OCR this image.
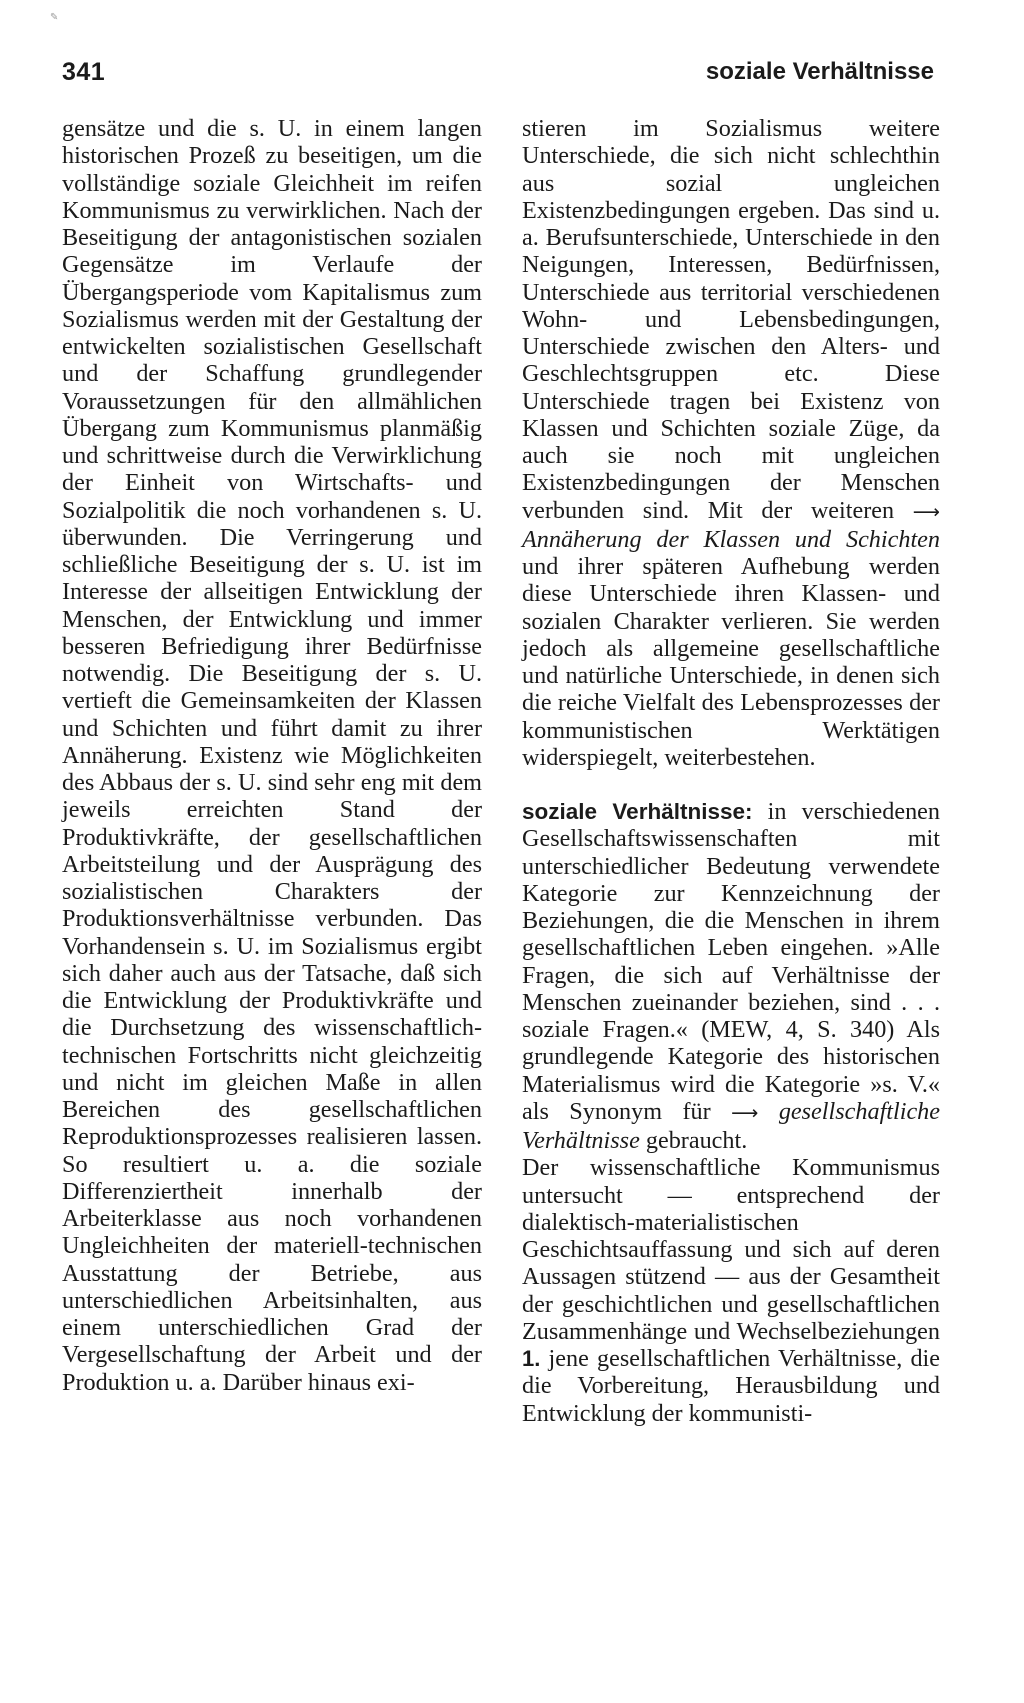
✎
341	soziale Verhältnisse

gensätze und die s. U. in einem langen historischen Prozeß zu beseitigen, um die vollständige soziale Gleichheit im reifen Kommunismus zu verwirklichen. Nach der Beseitigung der antagonistischen sozialen Gegensätze im Verlaufe der Übergangsperiode vom Kapitalismus zum Sozialismus werden mit der Gestaltung der entwickelten sozialistischen Gesellschaft und der Schaffung grundlegender Voraussetzungen für den allmählichen Übergang zum Kommunismus planmäßig und schrittweise durch die Verwirklichung der Einheit von Wirtschafts- und Sozialpolitik die noch vorhandenen s. U. überwunden. Die Verringerung und schließliche Beseitigung der s. U. ist im Interesse der allseitigen Entwicklung der Menschen, der Entwicklung und immer besseren Befriedigung ihrer Bedürfnisse notwendig. Die Beseitigung der s. U. vertieft die Gemeinsamkeiten der Klassen und Schichten und führt damit zu ihrer Annäherung. Existenz wie Möglichkeiten des Abbaus der s. U. sind sehr eng mit dem jeweils erreichten Stand der Produktivkräfte, der gesellschaftlichen Arbeitsteilung und der Ausprägung des sozialistischen Charakters der Produktionsverhältnisse verbunden. Das Vorhandensein s. U. im Sozialismus ergibt sich daher auch aus der Tatsache, daß sich die Entwicklung der Produktivkräfte und die Durchsetzung des wissenschaftlich-technischen Fortschritts nicht gleichzeitig und nicht im gleichen Maße in allen Bereichen des gesellschaftlichen Reproduktionsprozesses realisieren lassen. So resultiert u. a. die soziale Differenziertheit innerhalb der Arbeiterklasse aus noch vorhandenen Ungleichheiten der materiell-technischen Ausstattung der Betriebe, aus unterschiedlichen Arbeitsinhalten, aus einem unterschiedlichen Grad der Vergesellschaftung der Arbeit und der Produktion u. a. Darüber hinaus exi-

stieren im Sozialismus weitere Unterschiede, die sich nicht schlechthin aus sozial ungleichen Existenzbedingungen ergeben. Das sind u. a. Berufsunterschiede, Unterschiede in den Neigungen, Interessen, Bedürfnissen, Unterschiede aus territorial verschiedenen Wohn- und Lebensbedingungen, Unterschiede zwischen den Alters- und Geschlechtsgruppen etc. Diese Unterschiede tragen bei Existenz von Klassen und Schichten soziale Züge, da auch sie noch mit ungleichen Existenzbedingungen der Menschen verbunden sind. Mit der weiteren ⟶ Annäherung der Klassen und Schichten und ihrer späteren Aufhebung werden diese Unterschiede ihren Klassen- und sozialen Charakter verlieren. Sie werden jedoch als allgemeine gesellschaftliche und natürliche Unterschiede, in denen sich die reiche Vielfalt des Lebensprozesses der kommunistischen Werktätigen widerspiegelt, weiterbestehen.

soziale Verhältnisse: in verschiedenen Gesellschaftswissenschaften mit unterschiedlicher Bedeutung verwendete Kategorie zur Kennzeichnung der Beziehungen, die die Menschen in ihrem gesellschaftlichen Leben eingehen. »Alle Fragen, die sich auf Verhältnisse der Menschen zueinander beziehen, sind . . . soziale Fragen.« (MEW, 4, S. 340) Als grundlegende Kategorie des historischen Materialismus wird die Kategorie »s. V.« als Synonym für ⟶ gesellschaftliche Verhältnisse gebraucht.

Der wissenschaftliche Kommunismus untersucht — entsprechend der dialektisch-materialistischen Geschichtsauffassung und sich auf deren Aussagen stützend — aus der Gesamtheit der geschichtlichen und gesellschaftlichen Zusammenhänge und Wechselbeziehungen 1. jene gesellschaftlichen Verhältnisse, die die Vorbereitung, Herausbildung und Entwicklung der kommunisti-
